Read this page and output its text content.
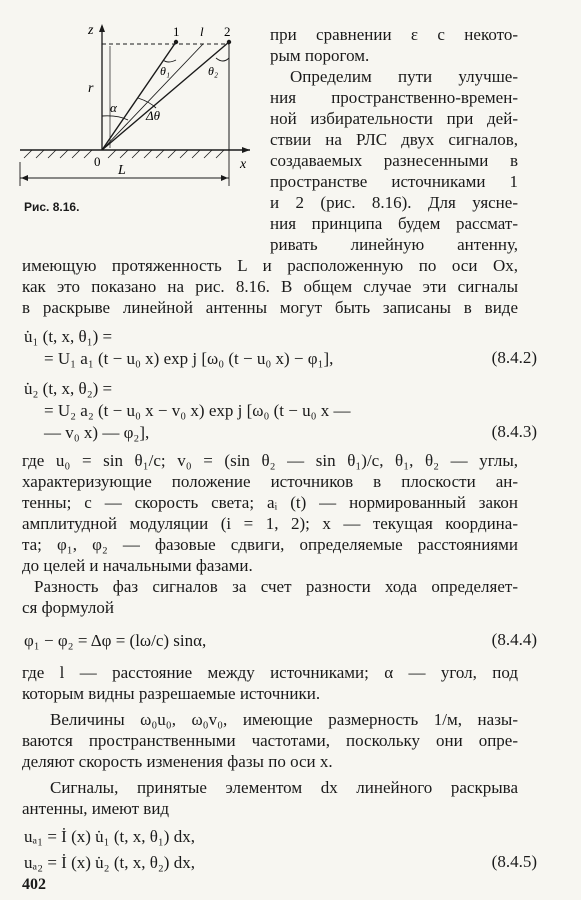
z
x
0
r
L
α
Δθ
θ₁	θ₂
1 l 2
Рис. 8.16.
при сравнении ε с некото-
рым порогом.
Определим пути улучше-
ния пространственно-времен-
ной избирательности при дей-
ствии на РЛС двух сигналов,
создаваемых разнесенными в
пространстве источниками 1
и 2 (рис. 8.16). Для уясне-
ния принципа будем рассмат-
ривать линейную антенну,
имеющую протяженность L и расположенную по оси Ox,
как это показано на рис. 8.16. В общем случае эти сигналы
в раскрыве линейной антенны могут быть записаны в виде
u̇₁ (t, x, θ₁) =
= U₁ a₁ (t − u₀ x) exp j [ω₀ (t − u₀ x) − φ₁],	(8.4.2)
u̇₂ (t, x, θ₂) =
= U₂ a₂ (t − u₀ x − v₀ x) exp j [ω₀ (t − u₀ x —
— v₀ x) — φ₂],	(8.4.3)
где u₀ = sin θ₁/c; v₀ = (sin θ₂ — sin θ₁)/c, θ₁, θ₂ — углы,
характеризующие положение источников в плоскости ан-
тенны; c — скорость света; aᵢ (t) — нормированный закон
амплитудной модуляции (i = 1, 2); x — текущая координа-
та; φ₁, φ₂ — фазовые сдвиги, определяемые расстояниями
до целей и начальными фазами.
Разность фаз сигналов за счет разности хода определяет-
ся формулой
φ₁ − φ₂ = Δφ = (lω/c) sinα,	(8.4.4)
где l — расстояние между источниками; α — угол, под
которым видны разрешаемые источники.
Величины ω₀u₀, ω₀v₀, имеющие размерность 1/м, назы-
ваются пространственными частотами, поскольку они опре-
деляют скорость изменения фазы по оси x.
Сигналы, принятые элементом dx линейного раскрыва
антенны, имеют вид
uₐ₁ = İ (x) u̇₁ (t, x, θ₁) dx,
uₐ₂ = İ (x) u̇₂ (t, x, θ₂) dx,	(8.4.5)
402
